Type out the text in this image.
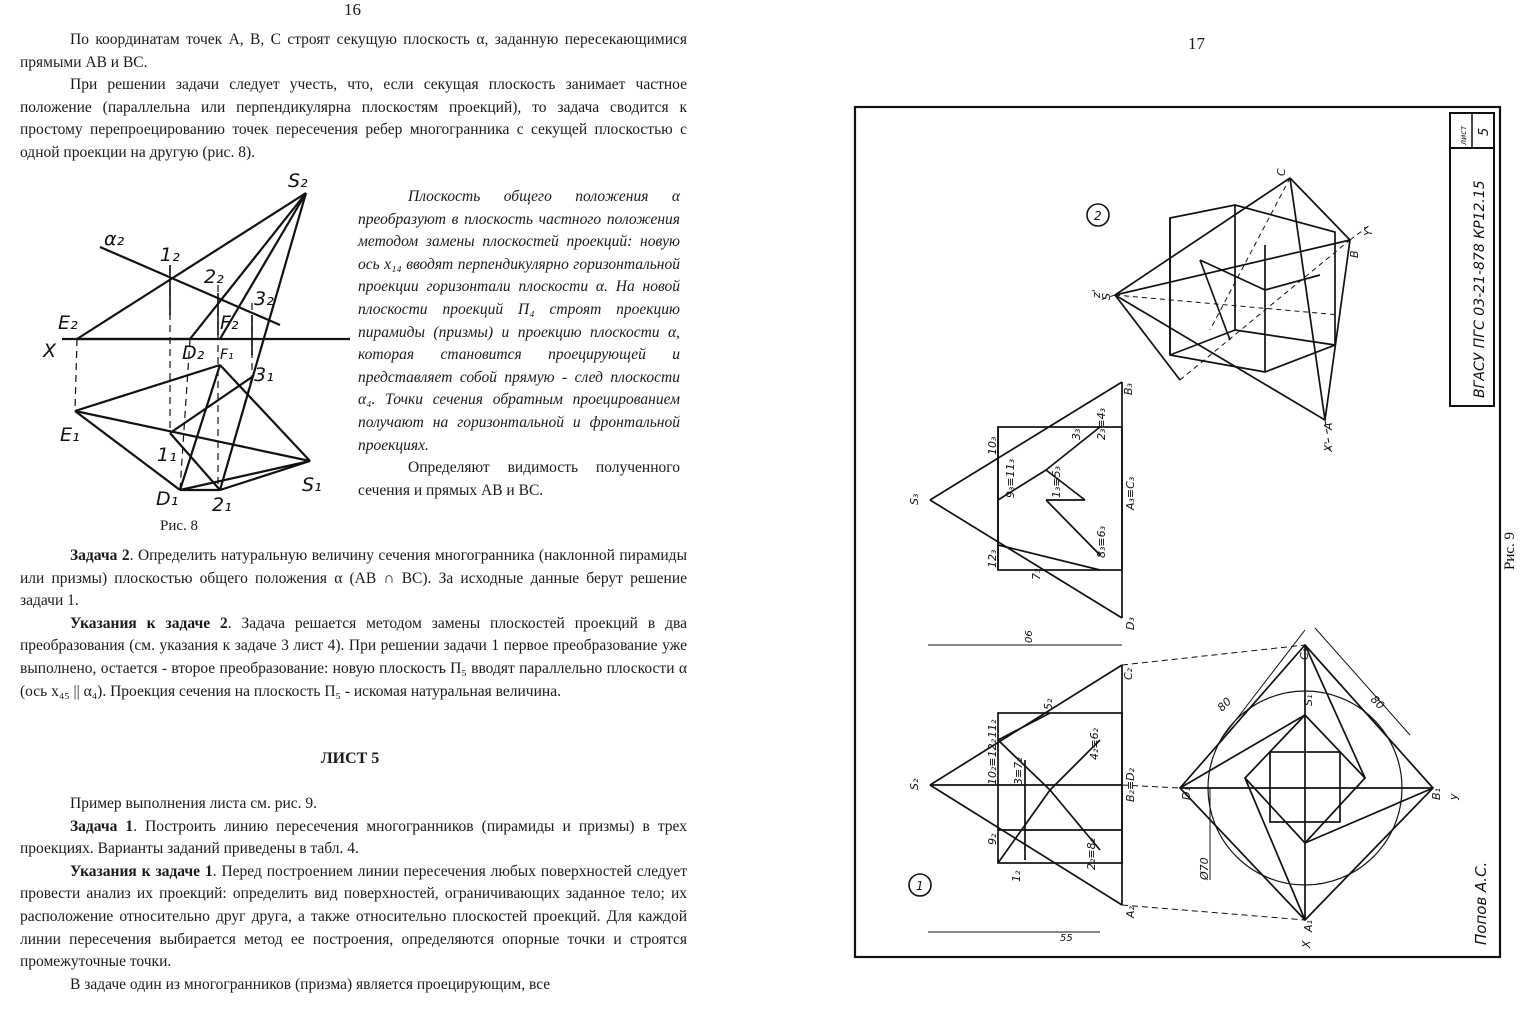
16

По координатам точек А, В, С строят секущую плоскость α, заданную пересекающимися прямыми АВ и ВС.

При решении задачи следует учесть, что, если секущая плоскость занимает частное положение (параллельна или перпендикулярна плоскостям проекций), то задача сводится к простому перепроецированию точек пересечения ребер многогранника с секущей плоскостью с одной проекции на другую (рис. 8).

S₂
α₂
1₂
2₂
3₂
E₂	F₂
X	D₂ F₁
3₁
E₁
1₁
S₁
D₁ 2₁
Рис. 8

Плоскость общего положения α преобразуют в плоскость частного положения методом замены плоскостей проекций: новую ось x₁₄ вводят перпендикулярно горизонтальной проекции горизонтали плоскости α. На новой плоскости проекций П₄ строят проекцию пирамиды (призмы) и проекцию плоскости α, которая становится проецирующей и представляет собой прямую - след плоскости α₄. Точки сечения обратным проецированием получают на горизонтальной и фронтальной проекциях.

Определяют видимость полученного сечения и прямых АВ и ВС.

Задача 2. Определить натуральную величину сечения многогранника (наклонной пирамиды или призмы) плоскостью общего положения α (АВ ∩ ВС). За исходные данные берут решение задачи 1.

Указания к задаче 2. Задача решается методом замены плоскостей проекций в два преобразования (см. указания к задаче 3 лист 4). При решении задачи 1 первое преобразование уже выполнено, остается - второе преобразование: новую плоскость П₅ вводят параллельно плоскости α (ось x₄₅ || α₄). Проекция сечения на плоскость П₅ - искомая натуральная величина.

ЛИСТ 5

Пример выполнения листа см. рис. 9.

Задача 1. Построить линию пересечения многогранников (пирамиды и призмы) в трех проекциях. Варианты заданий приведены в табл. 4.

Указания к задаче 1. Перед построением линии пересечения любых поверхностей следует провести анализ их проекций: определить вид поверхностей, ограничивающих заданное тело; их расположение относительно друг друга, а также относительно плоскостей проекций. Для каждой линии пересечения выбирается метод ее построения, определяются опорные точки и строятся промежуточные точки.

В задаче один из многогранников (призма) является проецирующим, все

17
S₃
B₃
A₃≡C₃
D₃
10₃
3₃ 2₃≡4₃
9₃≡11₃	1₃≡5₃
8₃≡6₃
12₃
7₃
S₂
C₂
B₂≡D₂
A₂
11₂
5₂
10₂≡12₂	4₂≡6₂
3≡7₂
9₂	2₂≡8₂
1₂
06
55
C₁
S₁
A₁
D₁	B₁
X
y
80	80
Ø70
C
S
z'
A
B
Y'
X'
2
1
ВГАСУ ПГС 03-21-878 КР12.15
лист 5
Попов А.С.
Рис. 9
